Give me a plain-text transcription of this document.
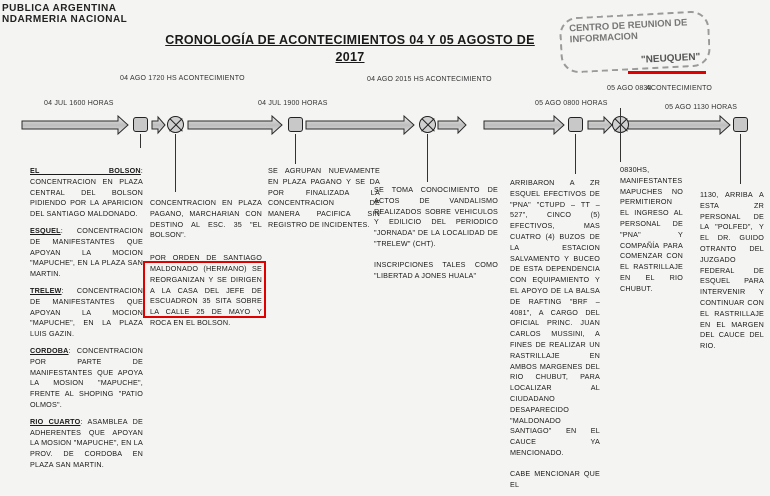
PUBLICA ARGENTINA
NDARMERIA NACIONAL
CRONOLOGÍA DE ACONTECIMIENTOS 04 Y 05 AGOSTO DE
2017
CENTRO DE REUNION DE
INFORMACION
"NEUQUEN"
04 AGO 1720 HS ACONTECIMIENTO
04 JUL 1600 HORAS	04 JUL 1900 HORAS
04 AGO 2015 HS ACONTECIMIENTO
05 AGO 0800 HORAS
05 AGO 0830
ACONTECIMIENTO
05 AGO 1130 HORAS

EL BOLSON: CONCENTRACION EN PLAZA CENTRAL DEL BOLSON PIDIENDO POR LA APARICION DEL SANTIAGO MALDONADO.

ESQUEL: CONCENTRACION DE MANIFESTANTES QUE APOYAN LA MOCION "MAPUCHE", EN LA PLAZA SAN MARTIN.

TRELEW: CONCENTRACION DE MANIFESTANTES QUE APOYAN LA MOCION "MAPUCHE", EN LA PLAZA LUIS GAZIN.

CORDOBA: CONCENTRACION POR PARTE DE MANIFESTANTES QUE APOYA LA MOSION "MAPUCHE", FRENTE AL SHOPING "PATIO OLMOS".

RIO CUARTO: ASAMBLEA DE ADHERENTES QUE APOYAN LA MOSION "MAPUCHE", EN LA PROV. DE CORDOBA EN PLAZA SAN MARTIN.

CONCENTRACION EN PLAZA PAGANO, MARCHARIAN CON DESTINO AL ESC. 35 "EL BOLSON".

POR ORDEN DE SANTIAGO MALDONADO (HERMANO) SE REORGANIZAN Y SE DIRIGEN A LA CASA DEL JEFE DE ESCUADRON 35 SITA SOBRE LA CALLE 25 DE MAYO Y ROCA EN EL BOLSON.

SE AGRUPAN NUEVAMENTE EN PLAZA PAGANO Y SE DA POR FINALIZADA LA CONCENTRACION DE MANERA PACIFICA SIN REGISTRO DE INCIDENTES.

SE TOMA CONOCIMIENTO DE ACTOS DE VANDALISMO REALIZADOS SOBRE VEHICULOS Y EDILICIO DEL PERIODICO "JORNADA" DE LA LOCALIDAD DE "TRELEW" (CHT).

INSCRIPCIONES TALES COMO "LIBERTAD A JONES HUALA"

ARRIBARON A ZR ESQUEL EFECTIVOS DE "PNA" "CTUPD – TT – 527", CINCO (5) EFECTIVOS, MAS CUATRO (4) BUZOS DE LA ESTACION SALVAMENTO Y BUCEO DE ESTA DEPENDENCIA CON EQUIPAMIENTO Y EL APOYO DE LA BALSA DE RAFTING "BRF – 4081", A CARGO DEL OFICIAL PRINC. JUAN CARLOS MUSSINI, A FINES DE REALIZAR UN RASTRILLAJE EN AMBOS MARGENES DEL RIO CHUBUT, PARA LOCALIZAR AL CIUDADANO DESAPARECIDO "MALDONADO SANTIAGO" EN EL CAUCE YA MENCIONADO.

CABE MENCIONAR QUE EL

0830HS, MANIFESTANTES MAPUCHES NO PERMITIERON EL INGRESO AL PERSONAL DE "PNA" Y COMPAÑÍA PARA COMENZAR CON EL RASTRILLAJE EN EL RIO CHUBUT.

1130, ARRIBA A ESTA ZR PERSONAL DE LA "POLFED", Y EL DR. GUIDO OTRANTO DEL JUZGADO FEDERAL DE ESQUEL PARA INTERVENIR Y CONTINUAR CON EL RASTRILLAJE EN EL MARGEN DEL CAUCE DEL RIO.
